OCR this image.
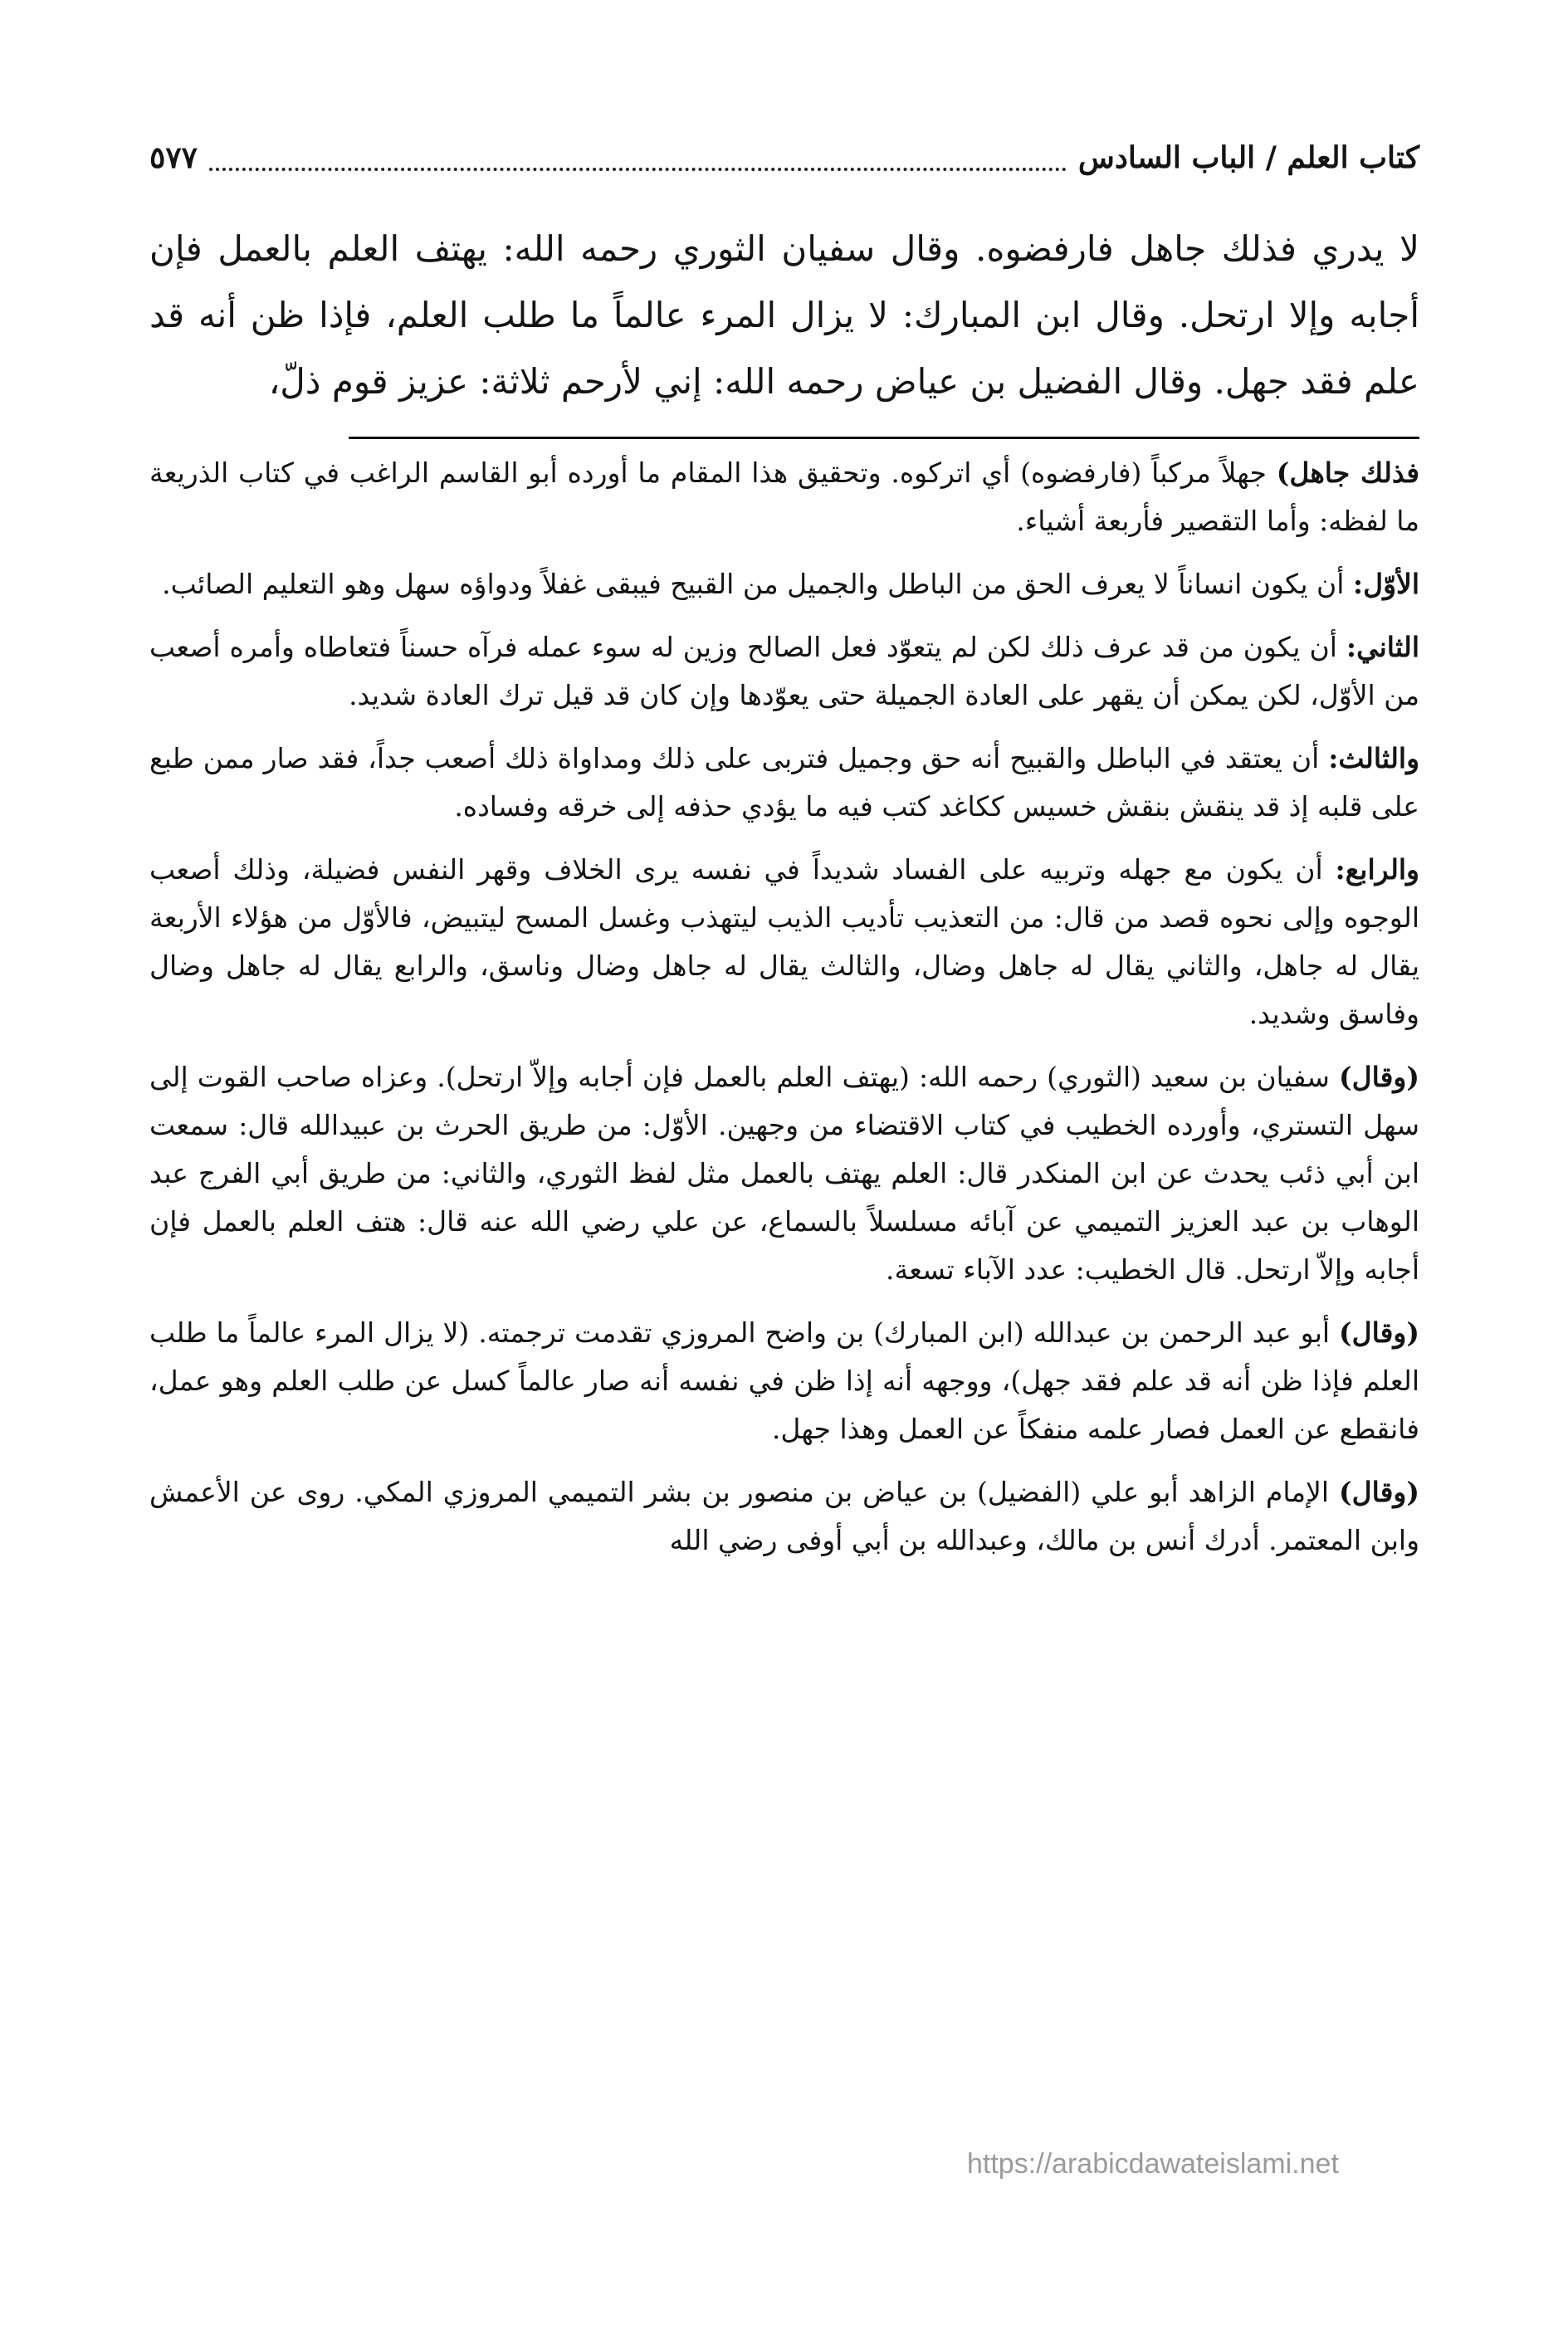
كتاب العلم / الباب السادس
٥٧٧
لا يدري فذلك جاهل فارفضوه. وقال سفيان الثوري رحمه الله: يهتف العلم بالعمل فإن أجابه وإلا ارتحل. وقال ابن المبارك: لا يزال المرء عالماً ما طلب العلم، فإذا ظن أنه قد علم فقد جهل. وقال الفضيل بن عياض رحمه الله: إني لأرحم ثلاثة: عزيز قوم ذلّ،

فذلك جاهل) جهلاً مركباً (فارفضوه) أي اتركوه. وتحقيق هذا المقام ما أورده أبو القاسم الراغب في كتاب الذريعة ما لفظه: وأما التقصير فأربعة أشياء.

الأوّل: أن يكون انساناً لا يعرف الحق من الباطل والجميل من القبيح فيبقى غفلاً ودواؤه سهل وهو التعليم الصائب.

الثاني: أن يكون من قد عرف ذلك لكن لم يتعوّد فعل الصالح وزين له سوء عمله فرآه حسناً فتعاطاه وأمره أصعب من الأوّل، لكن يمكن أن يقهر على العادة الجميلة حتى يعوّدها وإن كان قد قيل ترك العادة شديد.

والثالث: أن يعتقد في الباطل والقبيح أنه حق وجميل فتربى على ذلك ومداواة ذلك أصعب جداً، فقد صار ممن طبع على قلبه إذ قد ينقش بنقش خسيس ككاغد كتب فيه ما يؤدي حذفه إلى خرقه وفساده.

والرابع: أن يكون مع جهله وتربيه على الفساد شديداً في نفسه يرى الخلاف وقهر النفس فضيلة، وذلك أصعب الوجوه وإلى نحوه قصد من قال: من التعذيب تأديب الذيب ليتهذب وغسل المسح ليتبيض، فالأوّل من هؤلاء الأربعة يقال له جاهل، والثاني يقال له جاهل وضال، والثالث يقال له جاهل وضال وناسق، والرابع يقال له جاهل وضال وفاسق وشديد.

(وقال) سفيان بن سعيد (الثوري) رحمه الله: (يهتف العلم بالعمل فإن أجابه وإلاّ ارتحل). وعزاه صاحب القوت إلى سهل التستري، وأورده الخطيب في كتاب الاقتضاء من وجهين. الأوّل: من طريق الحرث بن عبيدالله قال: سمعت ابن أبي ذئب يحدث عن ابن المنكدر قال: العلم يهتف بالعمل مثل لفظ الثوري، والثاني: من طريق أبي الفرج عبد الوهاب بن عبد العزيز التميمي عن آبائه مسلسلاً بالسماع، عن علي رضي الله عنه قال: هتف العلم بالعمل فإن أجابه وإلاّ ارتحل. قال الخطيب: عدد الآباء تسعة.

(وقال) أبو عبد الرحمن بن عبدالله (ابن المبارك) بن واضح المروزي تقدمت ترجمته. (لا يزال المرء عالماً ما طلب العلم فإذا ظن أنه قد علم فقد جهل)، ووجهه أنه إذا ظن في نفسه أنه صار عالماً كسل عن طلب العلم وهو عمل، فانقطع عن العمل فصار علمه منفكاً عن العمل وهذا جهل.

(وقال) الإمام الزاهد أبو علي (الفضيل) بن عياض بن منصور بن بشر التميمي المروزي المكي. روى عن الأعمش وابن المعتمر. أدرك أنس بن مالك، وعبدالله بن أبي أوفى رضي الله

https://arabicdawateislami.net
